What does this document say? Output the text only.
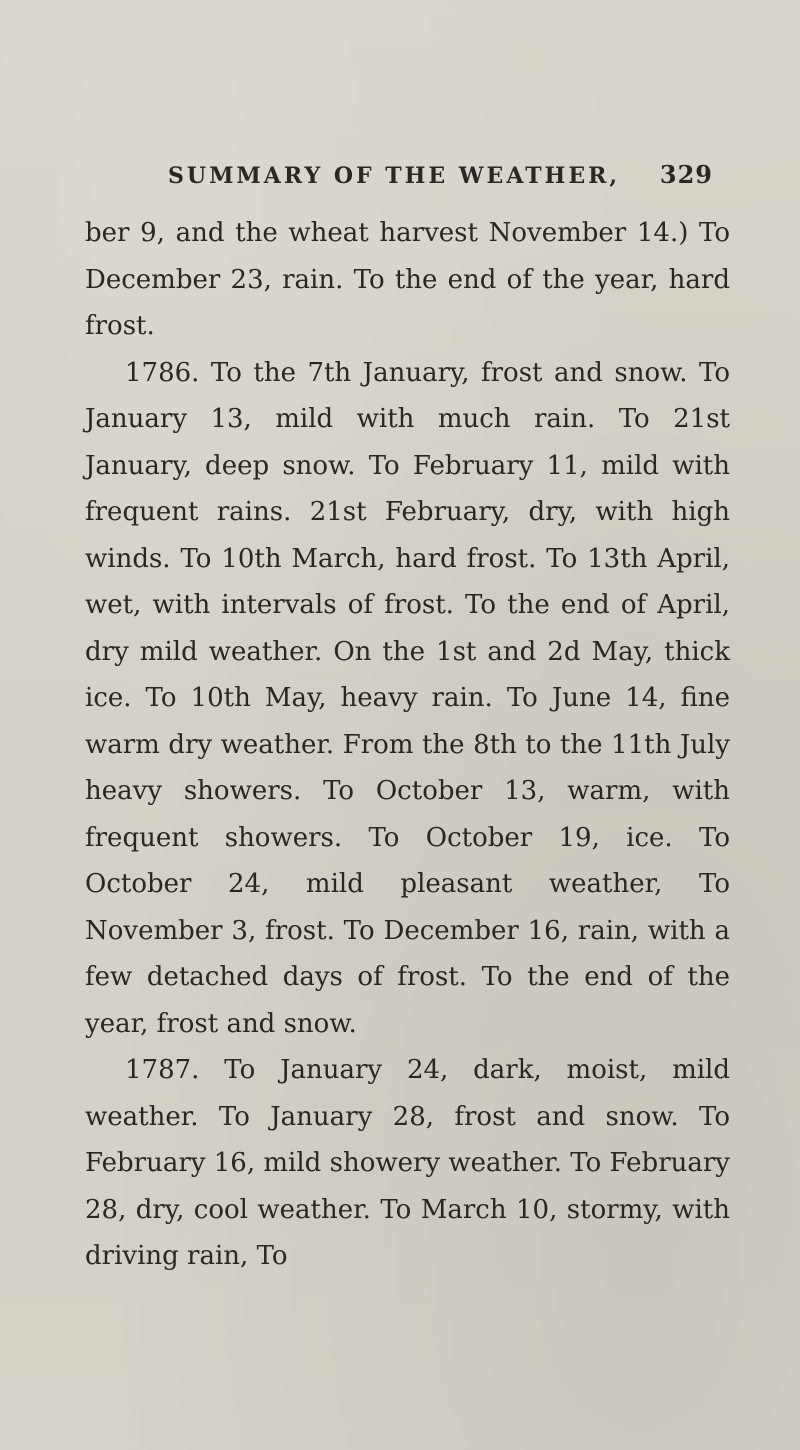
SUMMARY OF THE WEATHER, 329

ber 9, and the wheat harvest November 14.) To December 23, rain. To the end of the year, hard frost.

1786. To the 7th January, frost and snow. To January 13, mild with much rain. To 21st January, deep snow. To February 11, mild with frequent rains. 21st February, dry, with high winds. To 10th March, hard frost. To 13th April, wet, with intervals of frost. To the end of April, dry mild weather. On the 1st and 2d May, thick ice. To 10th May, heavy rain. To June 14, fine warm dry weather. From the 8th to the 11th July heavy showers. To October 13, warm, with frequent showers. To October 19, ice. To October 24, mild pleasant weather, To November 3, frost. To December 16, rain, with a few detached days of frost. To the end of the year, frost and snow.

1787. To January 24, dark, moist, mild weather. To January 28, frost and snow. To February 16, mild showery weather. To February 28, dry, cool weather. To March 10, stormy, with driving rain, To
